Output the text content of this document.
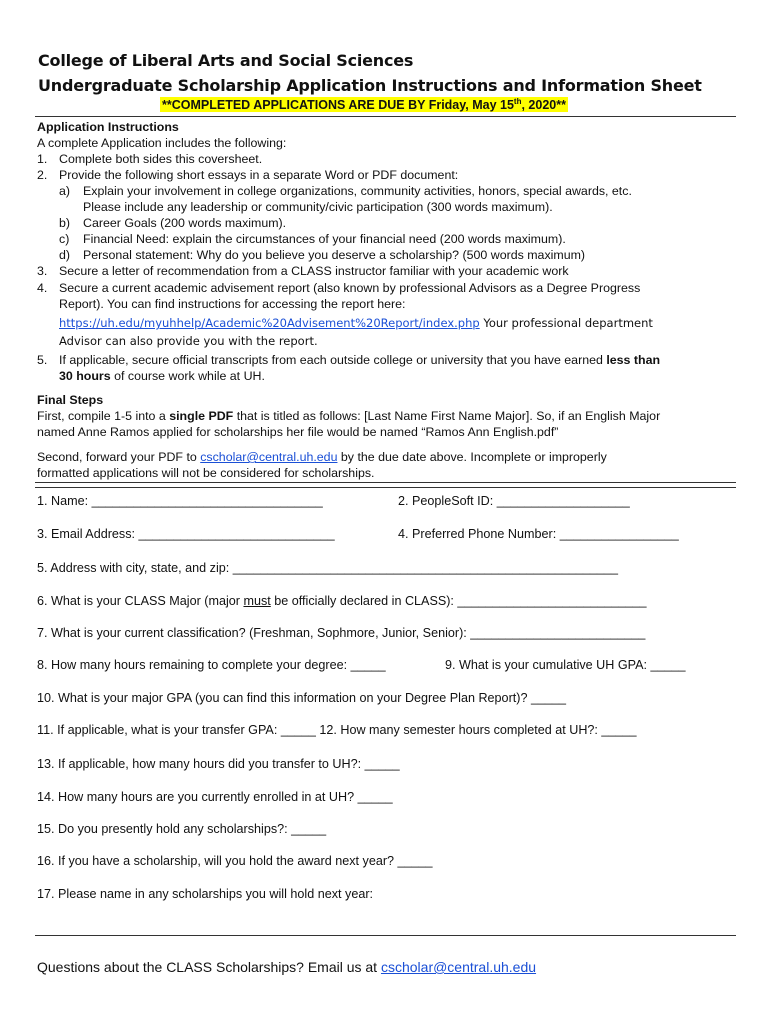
College of Liberal Arts and Social Sciences
Undergraduate Scholarship Application Instructions and Information Sheet
**COMPLETED APPLICATIONS ARE DUE BY Friday, May 15th, 2020**
Application Instructions
A complete Application includes the following:
1. Complete both sides this coversheet.
2. Provide the following short essays in a separate Word or PDF document:
a) Explain your involvement in college organizations, community activities, honors, special awards, etc.
Please include any leadership or community/civic participation (300 words maximum).
b) Career Goals (200 words maximum).
c) Financial Need: explain the circumstances of your financial need (200 words maximum).
d) Personal statement: Why do you believe you deserve a scholarship? (500 words maximum)
3. Secure a letter of recommendation from a CLASS instructor familiar with your academic work
4. Secure a current academic advisement report (also known by professional Advisors as a Degree Progress
Report). You can find instructions for accessing the report here:
https://uh.edu/myuhhelp/Academic%20Advisement%20Report/index.php Your professional department
Advisor can also provide you with the report.
5. If applicable, secure official transcripts from each outside college or university that you have earned less than
30 hours of course work while at UH.
Final Steps
First, compile 1-5 into a single PDF that is titled as follows: [Last Name First Name Major]. So, if an English Major
named Anne Ramos applied for scholarships her file would be named “Ramos Ann English.pdf”
Second, forward your PDF to cscholar@central.uh.edu by the due date above. Incomplete or improperly
formatted applications will not be considered for scholarships.
1. Name: _________________________________	2. PeopleSoft ID: ___________________
3. Email Address: ____________________________	4. Preferred Phone Number: _________________
5. Address with city, state, and zip: _______________________________________________________
6. What is your CLASS Major (major must be officially declared in CLASS): ___________________________
7. What is your current classification? (Freshman, Sophmore, Junior, Senior): _________________________
8. How many hours remaining to complete your degree: _____	9. What is your cumulative UH GPA: _____
10. What is your major GPA (you can find this information on your Degree Plan Report)? _____
11. If applicable, what is your transfer GPA: _____ 12. How many semester hours completed at UH?: _____
13. If applicable, how many hours did you transfer to UH?: _____
14. How many hours are you currently enrolled in at UH? _____
15. Do you presently hold any scholarships?: _____
16. If you have a scholarship, will you hold the award next year? _____
17. Please name in any scholarships you will hold next year:
Questions about the CLASS Scholarships? Email us at cscholar@central.uh.edu
